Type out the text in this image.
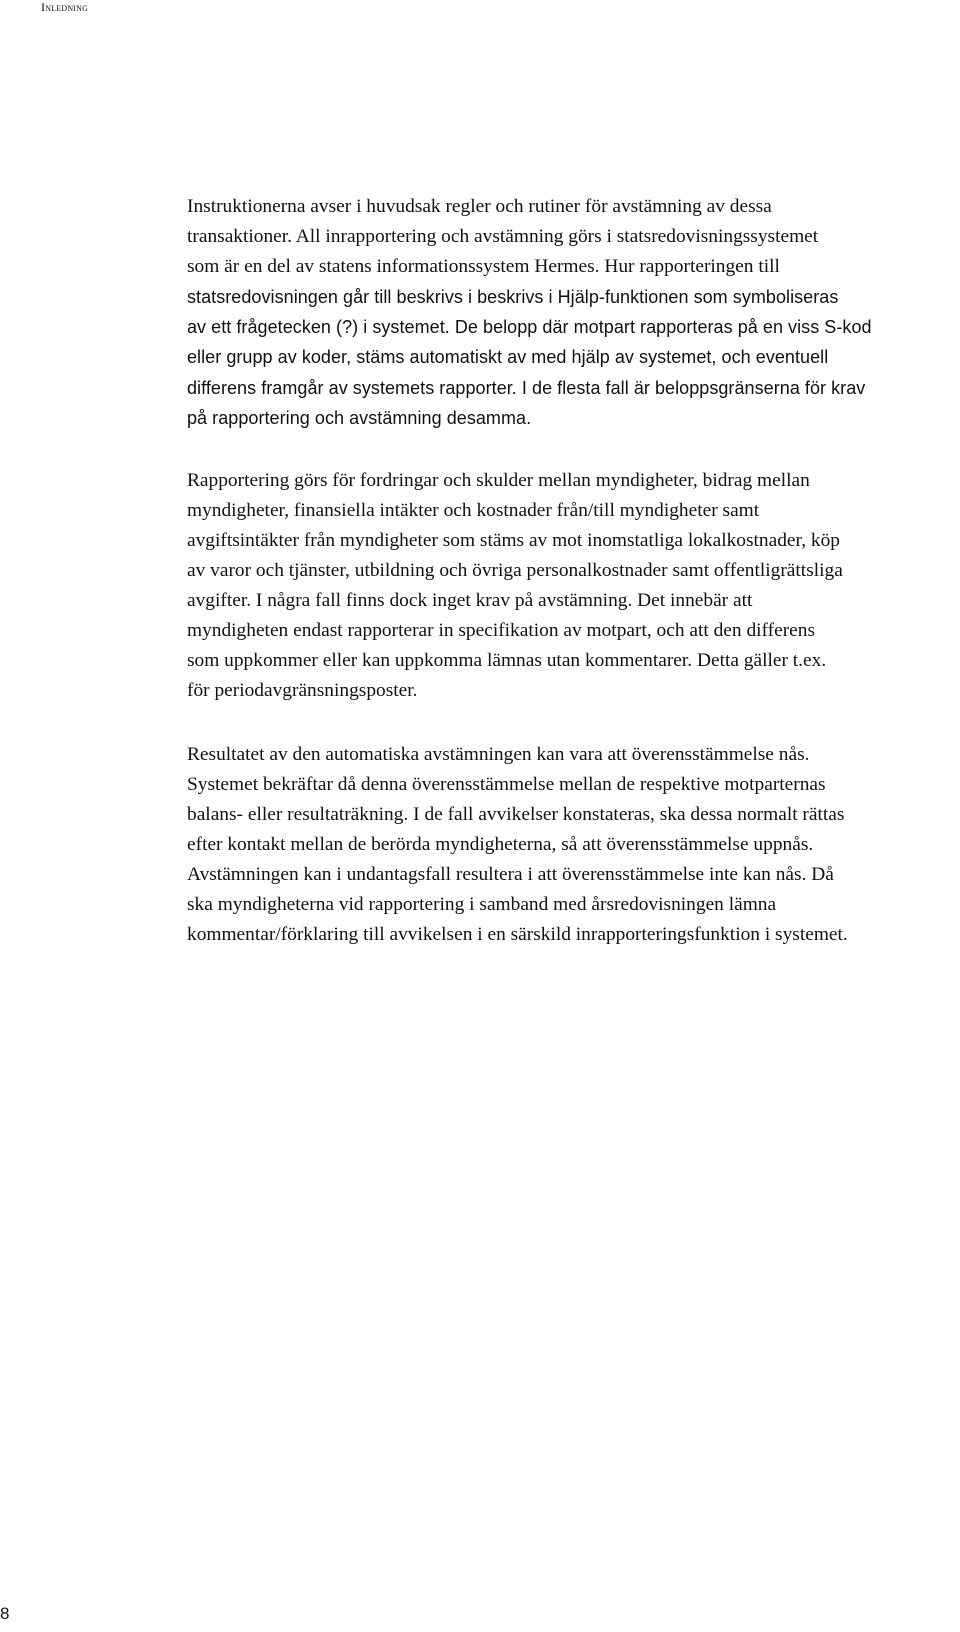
Inledning

Instruktionerna avser i huvudsak regler och rutiner för avstämning av dessa
transaktioner. All inrapportering och avstämning görs i statsredovisningssystemet
som är en del av statens informationssystem Hermes. Hur rapporteringen till
statsredovisningen går till beskrivs i beskrivs i Hjälp-funktionen som symboliseras
av ett frågetecken (?) i systemet. De belopp där motpart rapporteras på en viss S-kod
eller grupp av koder, stäms automatiskt av med hjälp av systemet, och eventuell
differens framgår av systemets rapporter. I de flesta fall är beloppsgränserna för krav
på rapportering och avstämning desamma.

Rapportering görs för fordringar och skulder mellan myndigheter, bidrag mellan
myndigheter, finansiella intäkter och kostnader från/till myndigheter samt
avgiftsintäkter från myndigheter som stäms av mot inomstatliga lokalkostnader, köp
av varor och tjänster, utbildning och övriga personalkostnader samt offentligrättsliga
avgifter. I några fall finns dock inget krav på avstämning. Det innebär att
myndigheten endast rapporterar in specifikation av motpart, och att den differens
som uppkommer eller kan uppkomma lämnas utan kommentarer. Detta gäller t.ex.
för periodavgränsningsposter.

Resultatet av den automatiska avstämningen kan vara att överensstämmelse nås.
Systemet bekräftar då denna överensstämmelse mellan de respektive motparternas
balans- eller resultaträkning. I de fall avvikelser konstateras, ska dessa normalt rättas
efter kontakt mellan de berörda myndigheterna, så att överensstämmelse uppnås.
Avstämningen kan i undantagsfall resultera i att överensstämmelse inte kan nås. Då
ska myndigheterna vid rapportering i samband med årsredovisningen lämna
kommentar/förklaring till avvikelsen i en särskild inrapporteringsfunktion i systemet.

8
